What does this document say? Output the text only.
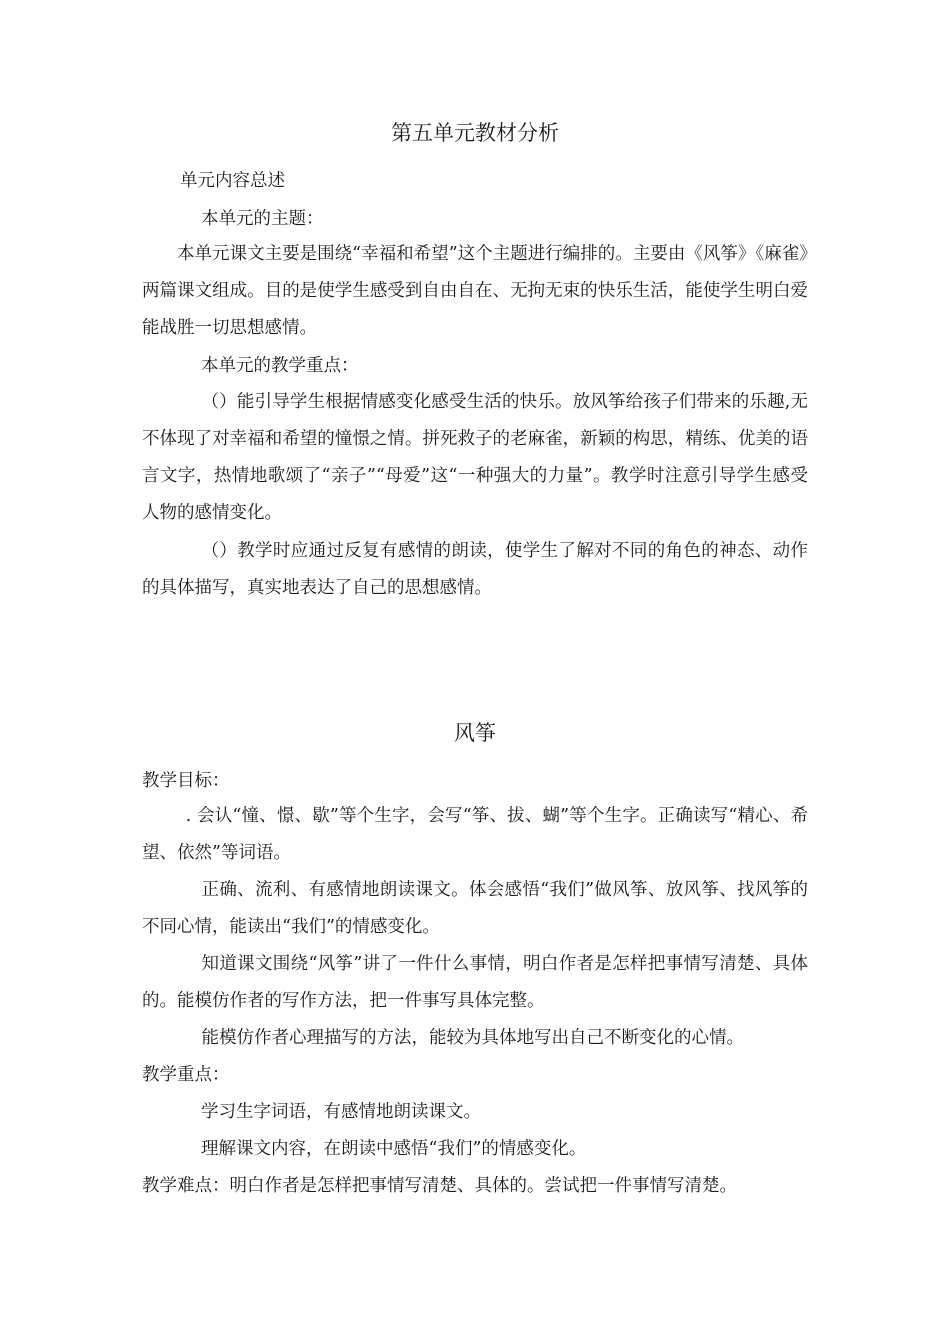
第五单元教材分析
单元内容总述
本单元的主题：
本单元课文主要是围绕“幸福和希望”这个主题进行编排的。主要由《风筝》《麻雀》两篇课文组成。目的是使学生感受到自由自在、无拘无束的快乐生活，能使学生明白爱能战胜一切思想感情。
本单元的教学重点：
（）能引导学生根据情感变化感受生活的快乐。放风筝给孩子们带来的乐趣,无不体现了对幸福和希望的憧憬之情。拼死救子的老麻雀，新颖的构思，精练、优美的语言文字，热情地歌颂了“亲子”“母爱”这“一种强大的力量”。教学时注意引导学生感受人物的感情变化。
（）教学时应通过反复有感情的朗读，使学生了解对不同的角色的神态、动作的具体描写，真实地表达了自己的思想感情。
风筝
教学目标：
. 会认“憧、憬、歇”等个生字，会写“筝、拔、蝴”等个生字。正确读写“精心、希望、依然”等词语。
正确、流利、有感情地朗读课文。体会感悟“我们”做风筝、放风筝、找风筝的不同心情，能读出“我们”的情感变化。
知道课文围绕“风筝”讲了一件什么事情，明白作者是怎样把事情写清楚、具体的。能模仿作者的写作方法，把一件事写具体完整。
能模仿作者心理描写的方法，能较为具体地写出自己不断变化的心情。
教学重点：
学习生字词语，有感情地朗读课文。
理解课文内容，在朗读中感悟“我们”的情感变化。
教学难点：明白作者是怎样把事情写清楚、具体的。尝试把一件事情写清楚。
